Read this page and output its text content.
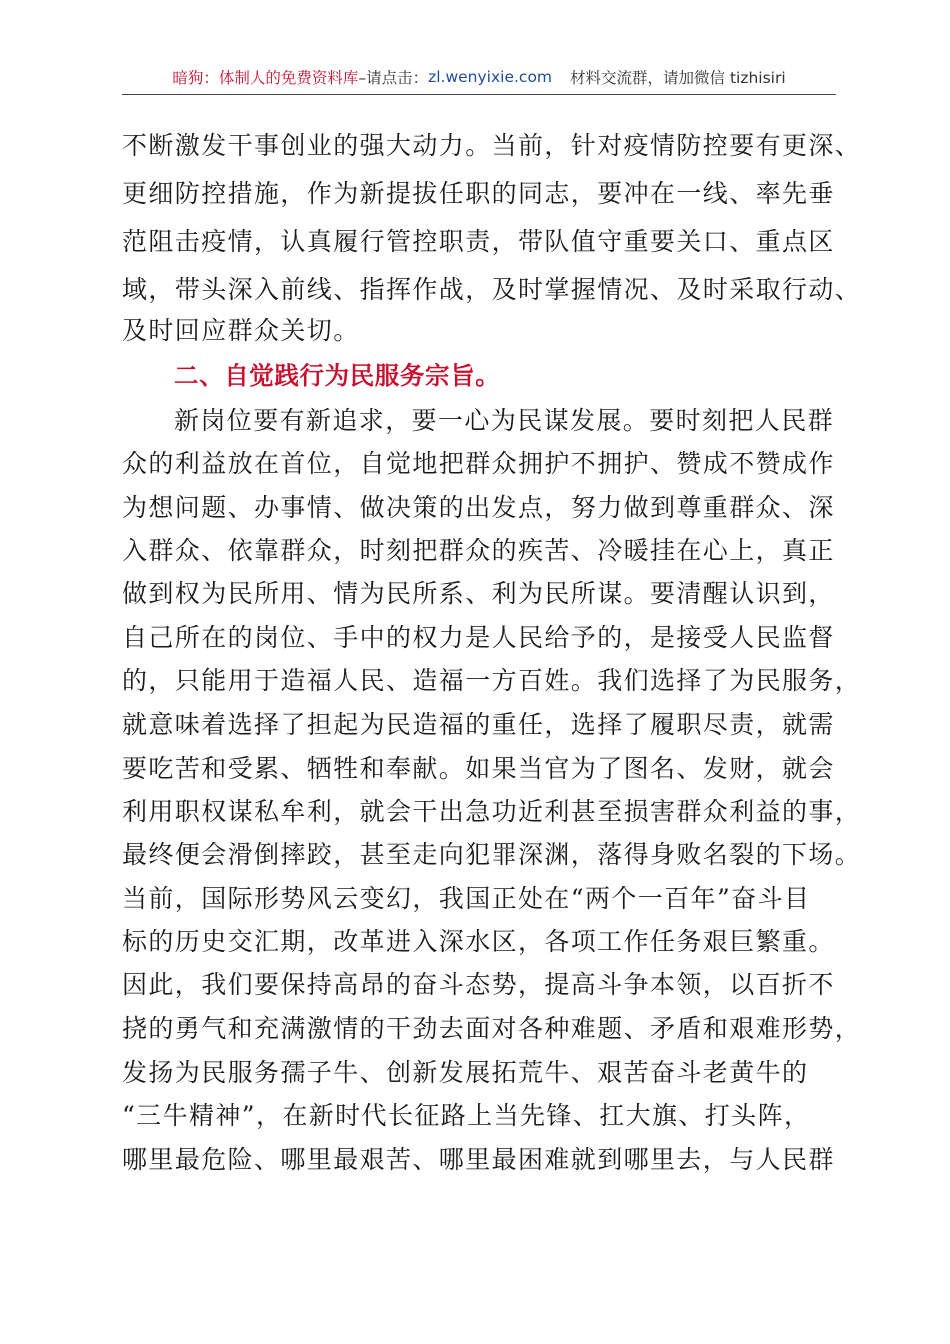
暗狗：体制人的免费资料库 –请点击： zl.wenyixie.com 材料交流群，请加微信 tizhisiri
不断激发干事创业的强大动力。当前，针对疫情防控要有更深、
更细防控措施，作为新提拔任职的同志，要冲在一线、率先垂
范阻击疫情，认真履行管控职责，带队值守重要关口、重点区
域，带头深入前线、指挥作战，及时掌握情况、及时采取行动、
及时回应群众关切。
二、自觉践行为民服务宗旨。
新岗位要有新追求，要一心为民谋发展。要时刻把人民群
众的利益放在首位，自觉地把群众拥护不拥护、赞成不赞成作
为想问题、办事情、做决策的出发点，努力做到尊重群众、深
入群众、依靠群众，时刻把群众的疾苦、冷暖挂在心上，真正
做到权为民所用、情为民所系、利为民所谋。要清醒认识到，
自己所在的岗位、手中的权力是人民给予的，是接受人民监督
的，只能用于造福人民、造福一方百姓。我们选择了为民服务，
就意味着选择了担起为民造福的重任，选择了履职尽责，就需
要吃苦和受累、牺牲和奉献。如果当官为了图名、发财，就会
利用职权谋私牟利，就会干出急功近利甚至损害群众利益的事，
最终便会滑倒摔跤，甚至走向犯罪深渊，落得身败名裂的下场。
当前，国际形势风云变幻，我国正处在“两个一百年”奋斗目
标的历史交汇期，改革进入深水区，各项工作任务艰巨繁重。
因此，我们要保持高昂的奋斗态势，提高斗争本领，以百折不
挠的勇气和充满激情的干劲去面对各种难题、矛盾和艰难形势，
发扬为民服务孺子牛、创新发展拓荒牛、艰苦奋斗老黄牛的
“三牛精神”，在新时代长征路上当先锋、扛大旗、打头阵，
哪里最危险、哪里最艰苦、哪里最困难就到哪里去，与人民群
